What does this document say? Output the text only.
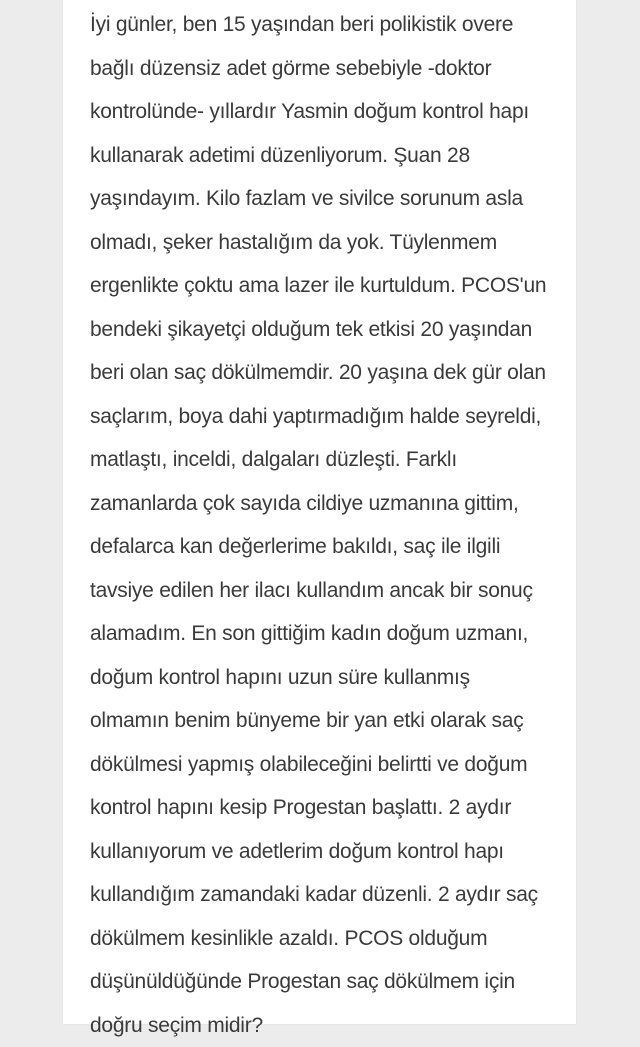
İyi günler, ben 15 yaşından beri polikistik overe
bağlı düzensiz adet görme sebebiyle -doktor
kontrolünde- yıllardır Yasmin doğum kontrol hapı
kullanarak adetimi düzenliyorum. Şuan 28
yaşındayım. Kilo fazlam ve sivilce sorunum asla
olmadı, şeker hastalığım da yok. Tüylenmem
ergenlikte çoktu ama lazer ile kurtuldum. PCOS'un
bendeki şikayetçi olduğum tek etkisi 20 yaşından
beri olan saç dökülmemdir. 20 yaşına dek gür olan
saçlarım, boya dahi yaptırmadığım halde seyreldi,
matlaştı, inceldi, dalgaları düzleşti. Farklı
zamanlarda çok sayıda cildiye uzmanına gittim,
defalarca kan değerlerime bakıldı, saç ile ilgili
tavsiye edilen her ilacı kullandım ancak bir sonuç
alamadım. En son gittiğim kadın doğum uzmanı,
doğum kontrol hapını uzun süre kullanmış
olmamın benim bünyeme bir yan etki olarak saç
dökülmesi yapmış olabileceğini belirtti ve doğum
kontrol hapını kesip Progestan başlattı. 2 aydır
kullanıyorum ve adetlerim doğum kontrol hapı
kullandığım zamandaki kadar düzenli. 2 aydır saç
dökülmem kesinlikle azaldı. PCOS olduğum
düşünüldüğünde Progestan saç dökülmem için
doğru seçim midir?
